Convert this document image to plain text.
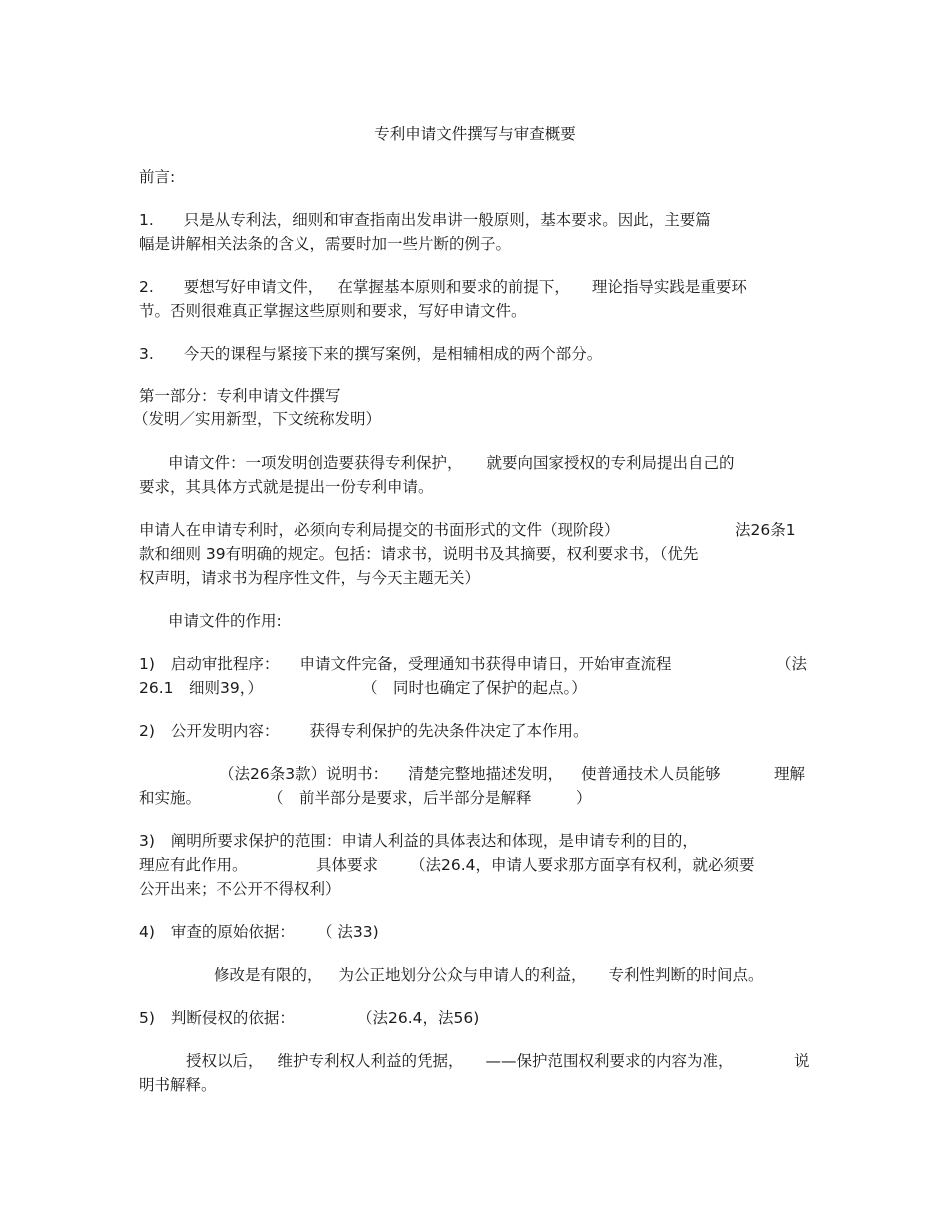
专利申请文件撰写与审查概要
前言:
1. 只是从专利法，细则和审查指南出发串讲一般原则，基本要求。因此，主要篇
幅是讲解相关法条的含义，需要时加一些片断的例子。
2. 要想写好申请文件， 在掌握基本原则和要求的前提下， 理论指导实践是重要环
节。否则很难真正掌握这些原则和要求，写好申请文件。
3. 今天的课程与紧接下来的撰写案例，是相辅相成的两个部分。
第一部分：专利申请文件撰写
（发明／实用新型，下文统称发明）
申请文件：一项发明创造要获得专利保护， 就要向国家授权的专利局提出自己的
要求，其具体方式就是提出一份专利申请。
申请人在申请专利时，必须向专利局提交的书面形式的文件（现阶段）	法26条1
款和细则 39有明确的规定。包括：请求书，说明书及其摘要，权利要求书，（优先
权声明，请求书为程序性文件，与今天主题无关）
申请文件的作用:
1) 启动审批程序： 申请文件完备，受理通知书获得申请日，开始审查流程	（法
26.1　细则39，）	（　同时也确定了保护的起点。）
2) 公开发明内容： 获得专利保护的先决条件决定了本作用。
（法26条3款）说明书： 清楚完整地描述发明， 使普通技术人员能够	理解
和实施。	（　前半部分是要求，后半部分是解释	）
3) 阐明所要求保护的范围：申请人利益的具体表达和体现，是申请专利的目的，
理应有此作用。	具体要求 （法26.4，申请人要求那方面享有权利，就必须要
公开出来；不公开不得权利）
4) 审查的原始依据： （ 法33)
修改是有限的， 为公正地划分公众与申请人的利益， 专利性判断的时间点。
5) 判断侵权的依据：	（法26.4，法56)
授权以后， 维护专利权人利益的凭据， ——保护范围权利要求的内容为准，	说
明书解释。
